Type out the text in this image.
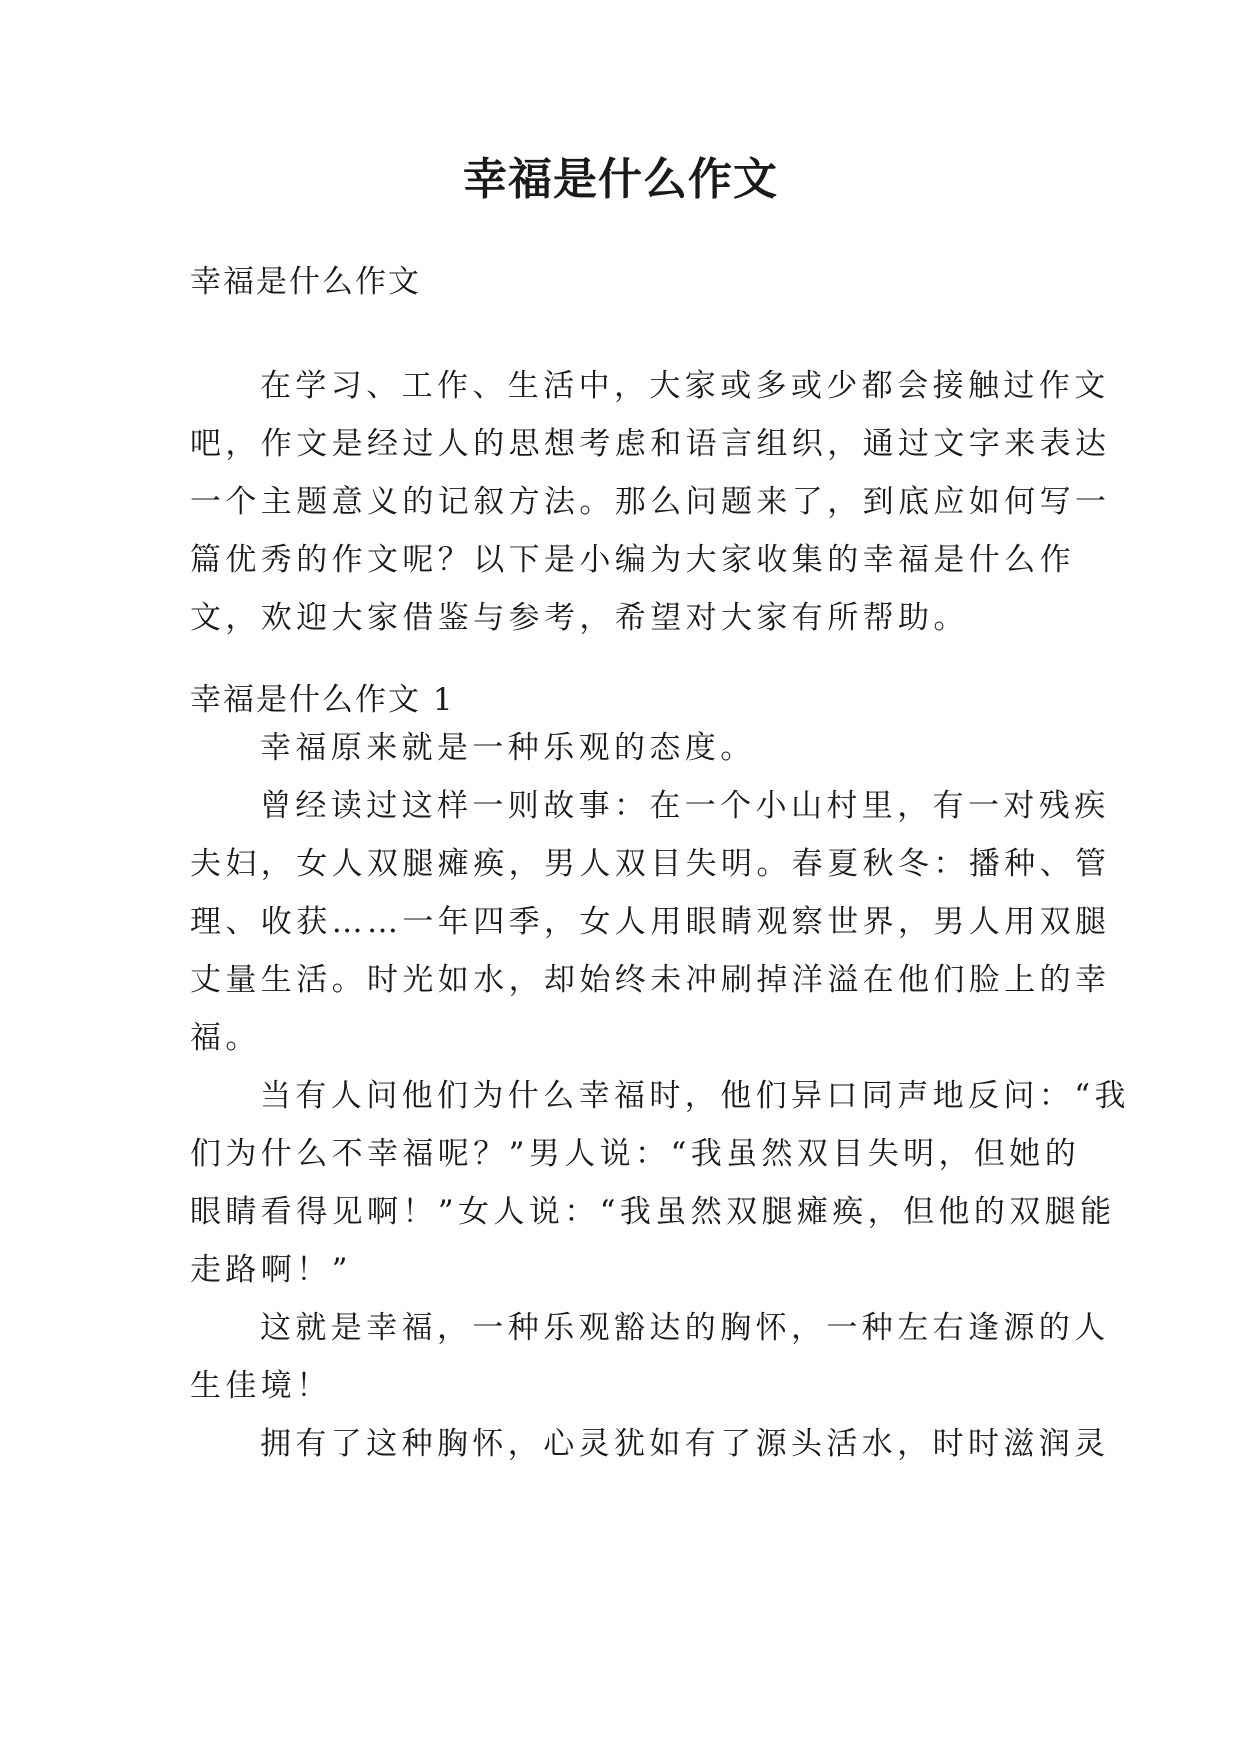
幸福是什么作文

幸福是什么作文

在学习、工作、生活中，大家或多或少都会接触过作文
吧，作文是经过人的思想考虑和语言组织，通过文字来表达
一个主题意义的记叙方法。那么问题来了，到底应如何写一
篇优秀的作文呢？以下是小编为大家收集的幸福是什么作
文，欢迎大家借鉴与参考，希望对大家有所帮助。

幸福是什么作文 1

幸福原来就是一种乐观的态度。
曾经读过这样一则故事：在一个小山村里，有一对残疾
夫妇，女人双腿瘫痪，男人双目失明。春夏秋冬：播种、管
理、收获……一年四季，女人用眼睛观察世界，男人用双腿
丈量生活。时光如水，却始终未冲刷掉洋溢在他们脸上的幸
福。
当有人问他们为什么幸福时，他们异口同声地反问：“我
们为什么不幸福呢？”男人说：“我虽然双目失明，但她的
眼睛看得见啊！”女人说：“我虽然双腿瘫痪，但他的双腿能
走路啊！”
这就是幸福，一种乐观豁达的胸怀，一种左右逢源的人
生佳境！
拥有了这种胸怀，心灵犹如有了源头活水，时时滋润灵
